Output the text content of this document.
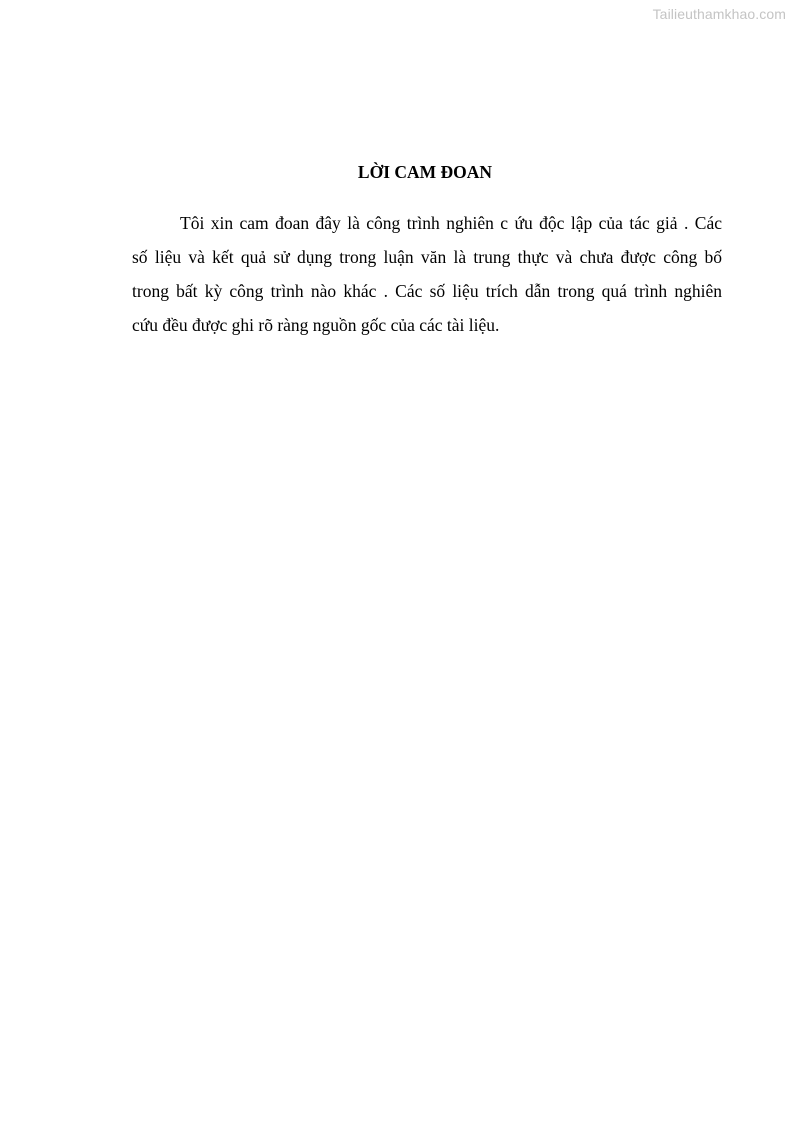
Tailieuthamkhao.com
LỜI CAM ĐOAN
Tôi xin cam đoan đây là công trình nghiên c ứu độc lập của tác giả . Các
số liệu và kết quả sử dụng trong luận văn là trung thực và chưa được công bố
trong bất kỳ công trình nào khác . Các số liệu trích dẫn trong quá trình nghiên
cứu đều được ghi rõ ràng nguồn gốc của các tài liệu.
